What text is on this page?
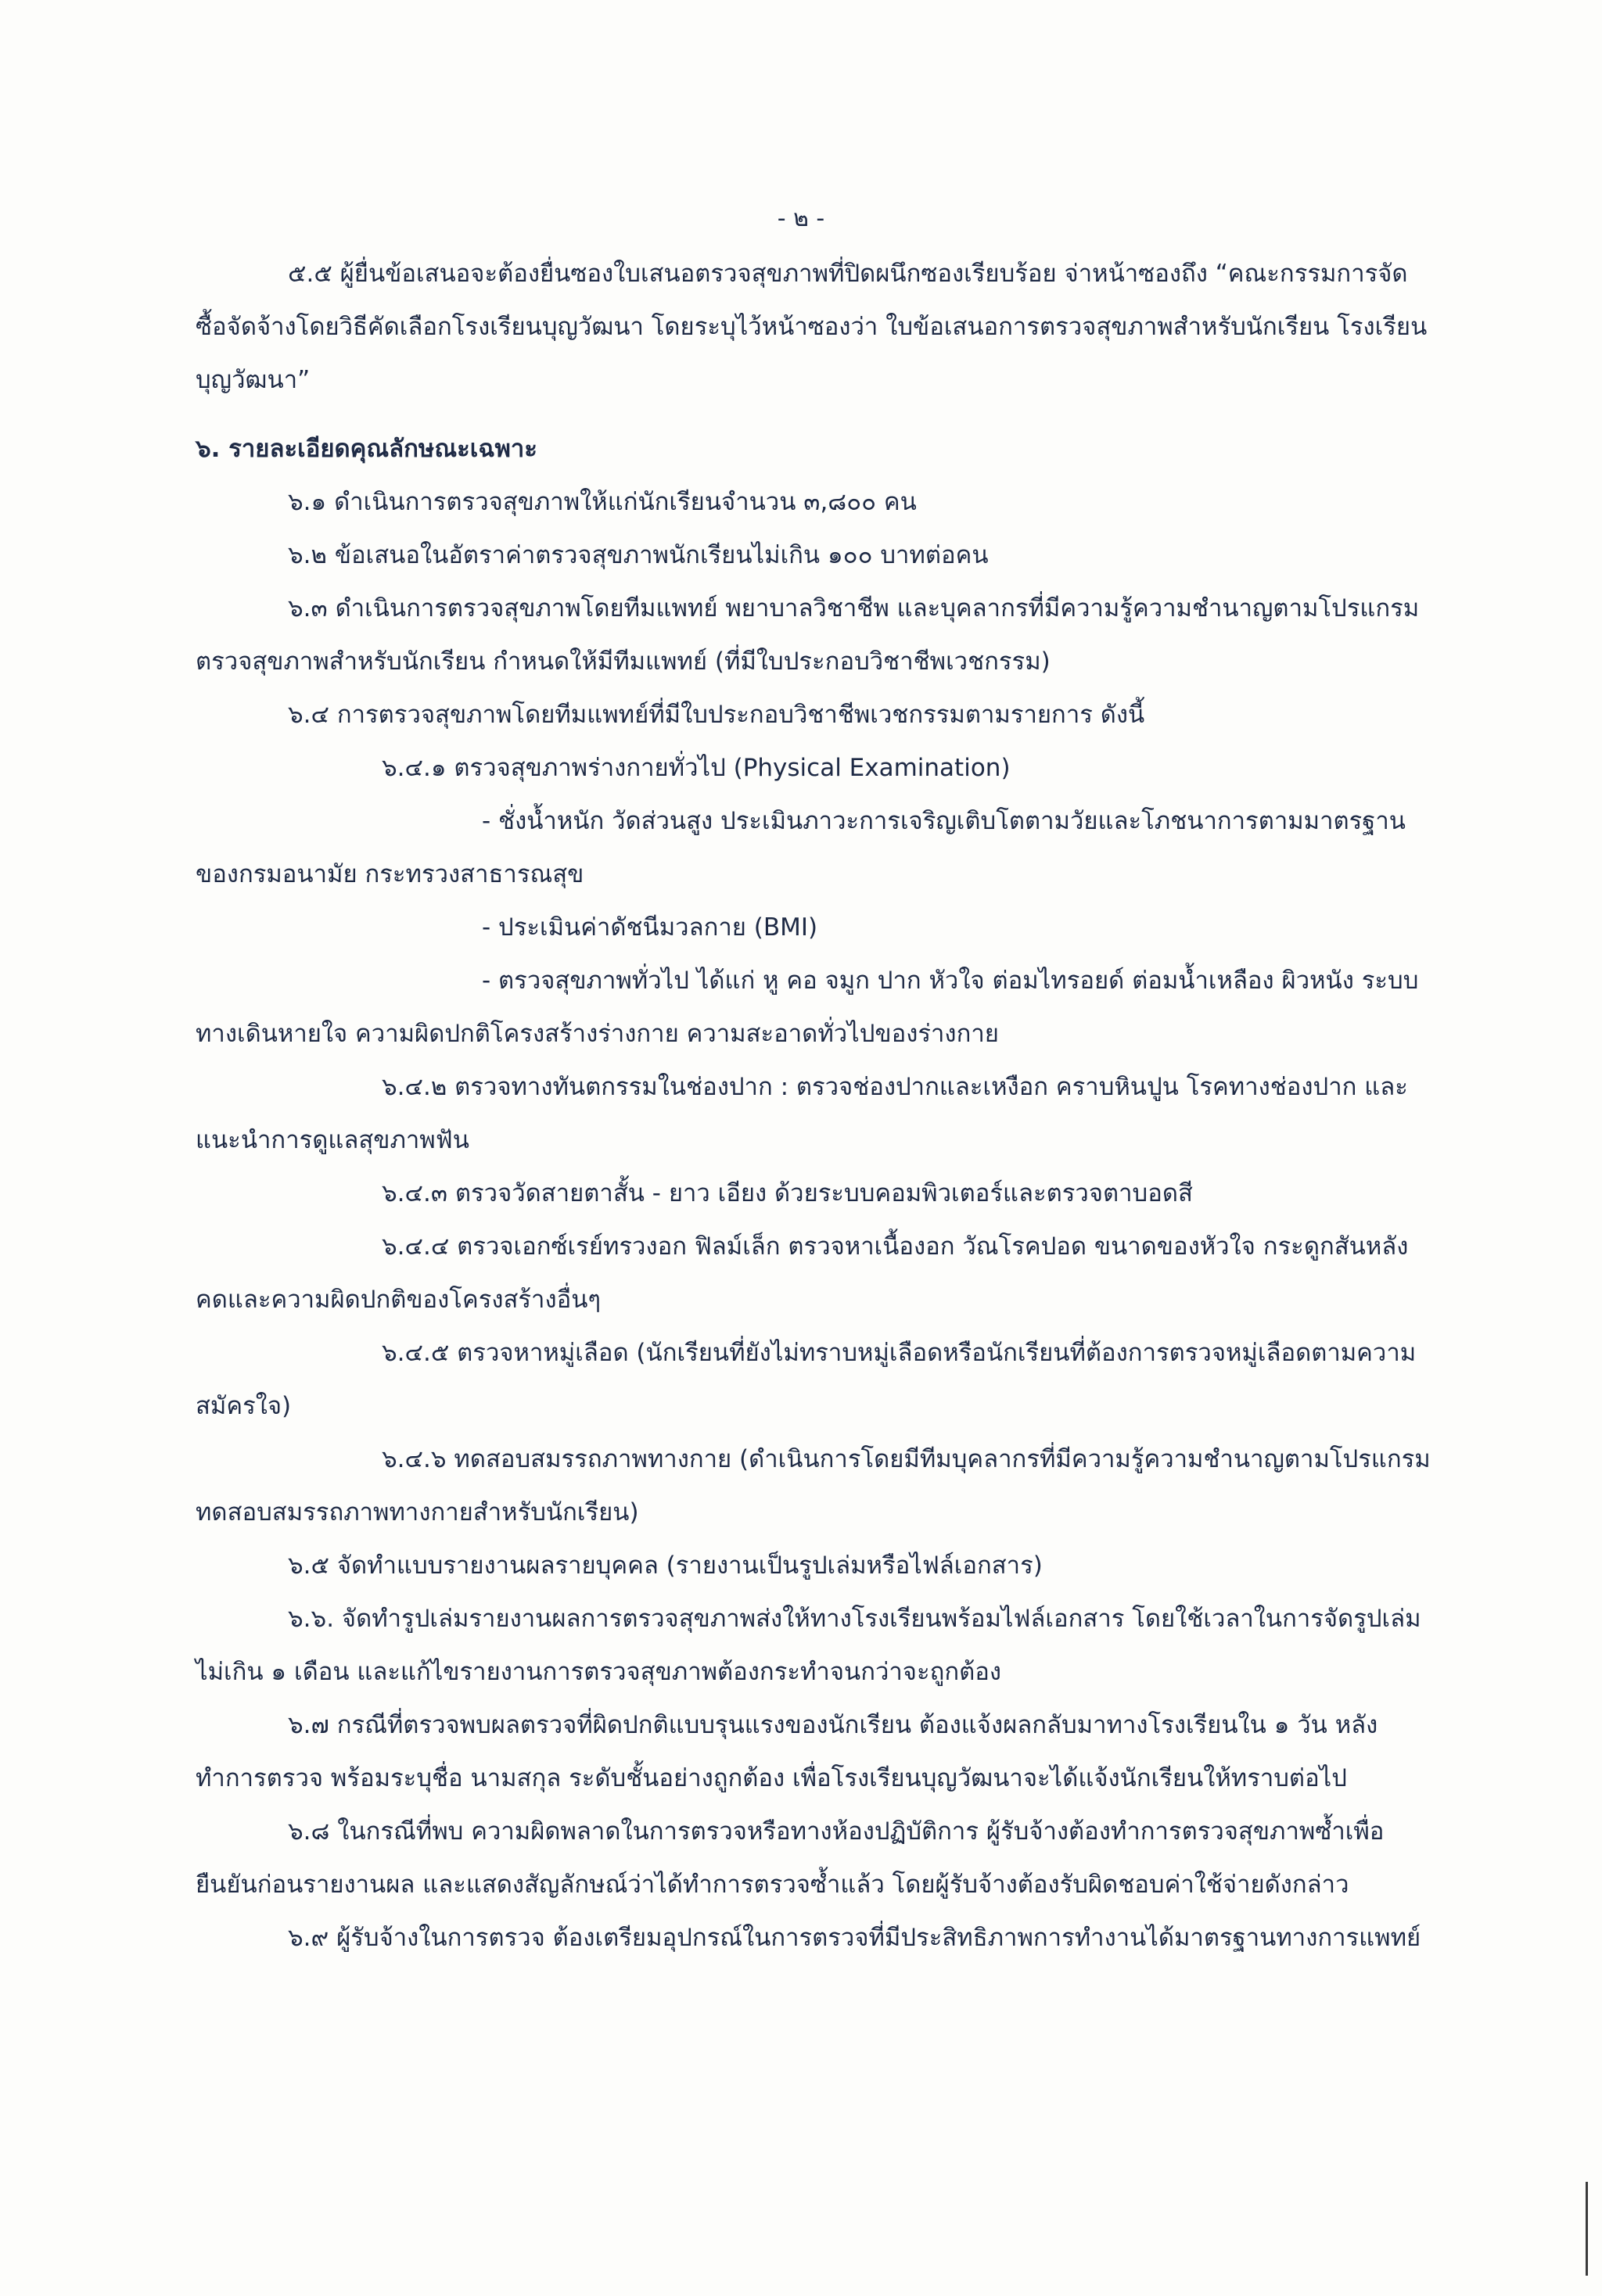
- ๒ -

๕.๕ ผู้ยื่นข้อเสนอจะต้องยื่นซองใบเสนอตรวจสุขภาพที่ปิดผนึกซองเรียบร้อย จ่าหน้าซองถึง “คณะกรรมการจัดซื้อจัดจ้างโดยวิธีคัดเลือกโรงเรียนบุญวัฒนา โดยระบุไว้หน้าซองว่า ใบข้อเสนอการตรวจสุขภาพสำหรับนักเรียน โรงเรียนบุญวัฒนา”

๖. รายละเอียดคุณลักษณะเฉพาะ

๖.๑ ดำเนินการตรวจสุขภาพให้แก่นักเรียนจำนวน ๓,๘๐๐ คน

๖.๒ ข้อเสนอในอัตราค่าตรวจสุขภาพนักเรียนไม่เกิน ๑๐๐ บาทต่อคน

๖.๓ ดำเนินการตรวจสุขภาพโดยทีมแพทย์ พยาบาลวิชาชีพ และบุคลากรที่มีความรู้ความชำนาญตามโปรแกรมตรวจสุขภาพสำหรับนักเรียน กำหนดให้มีทีมแพทย์ (ที่มีใบประกอบวิชาชีพเวชกรรม)

๖.๔ การตรวจสุขภาพโดยทีมแพทย์ที่มีใบประกอบวิชาชีพเวชกรรมตามรายการ ดังนี้

๖.๔.๑ ตรวจสุขภาพร่างกายทั่วไป (Physical Examination)

- ชั่งน้ำหนัก วัดส่วนสูง ประเมินภาวะการเจริญเติบโตตามวัยและโภชนาการตามมาตรฐานของกรมอนามัย กระทรวงสาธารณสุข

- ประเมินค่าดัชนีมวลกาย (BMI)

- ตรวจสุขภาพทั่วไป ได้แก่ หู คอ จมูก ปาก หัวใจ ต่อมไทรอยด์ ต่อมน้ำเหลือง ผิวหนัง ระบบทางเดินหายใจ ความผิดปกติโครงสร้างร่างกาย ความสะอาดทั่วไปของร่างกาย

๖.๔.๒ ตรวจทางทันตกรรมในช่องปาก : ตรวจช่องปากและเหงือก คราบหินปูน โรคทางช่องปาก และแนะนำการดูแลสุขภาพฟัน

๖.๔.๓ ตรวจวัดสายตาสั้น - ยาว เอียง ด้วยระบบคอมพิวเตอร์และตรวจตาบอดสี

๖.๔.๔ ตรวจเอกซ์เรย์ทรวงอก ฟิลม์เล็ก ตรวจหาเนื้องอก วัณโรคปอด ขนาดของหัวใจ กระดูกสันหลังคดและความผิดปกติของโครงสร้างอื่นๆ

๖.๔.๕ ตรวจหาหมู่เลือด (นักเรียนที่ยังไม่ทราบหมู่เลือดหรือนักเรียนที่ต้องการตรวจหมู่เลือดตามความสมัครใจ)

๖.๔.๖ ทดสอบสมรรถภาพทางกาย (ดำเนินการโดยมีทีมบุคลากรที่มีความรู้ความชำนาญตามโปรแกรมทดสอบสมรรถภาพทางกายสำหรับนักเรียน)

๖.๕ จัดทำแบบรายงานผลรายบุคคล (รายงานเป็นรูปเล่มหรือไฟล์เอกสาร)

๖.๖. จัดทำรูปเล่มรายงานผลการตรวจสุขภาพส่งให้ทางโรงเรียนพร้อมไฟล์เอกสาร โดยใช้เวลาในการจัดรูปเล่มไม่เกิน ๑ เดือน และแก้ไขรายงานการตรวจสุขภาพต้องกระทำจนกว่าจะถูกต้อง

๖.๗ กรณีที่ตรวจพบผลตรวจที่ผิดปกติแบบรุนแรงของนักเรียน ต้องแจ้งผลกลับมาทางโรงเรียนใน ๑ วัน หลังทำการตรวจ พร้อมระบุชื่อ นามสกุล ระดับชั้นอย่างถูกต้อง เพื่อโรงเรียนบุญวัฒนาจะได้แจ้งนักเรียนให้ทราบต่อไป

๖.๘ ในกรณีที่พบ ความผิดพลาดในการตรวจหรือทางห้องปฏิบัติการ ผู้รับจ้างต้องทำการตรวจสุขภาพซ้ำเพื่อยืนยันก่อนรายงานผล และแสดงสัญลักษณ์ว่าได้ทำการตรวจซ้ำแล้ว โดยผู้รับจ้างต้องรับผิดชอบค่าใช้จ่ายดังกล่าว

๖.๙ ผู้รับจ้างในการตรวจ ต้องเตรียมอุปกรณ์ในการตรวจที่มีประสิทธิภาพการทำงานได้มาตรฐานทางการแพทย์
